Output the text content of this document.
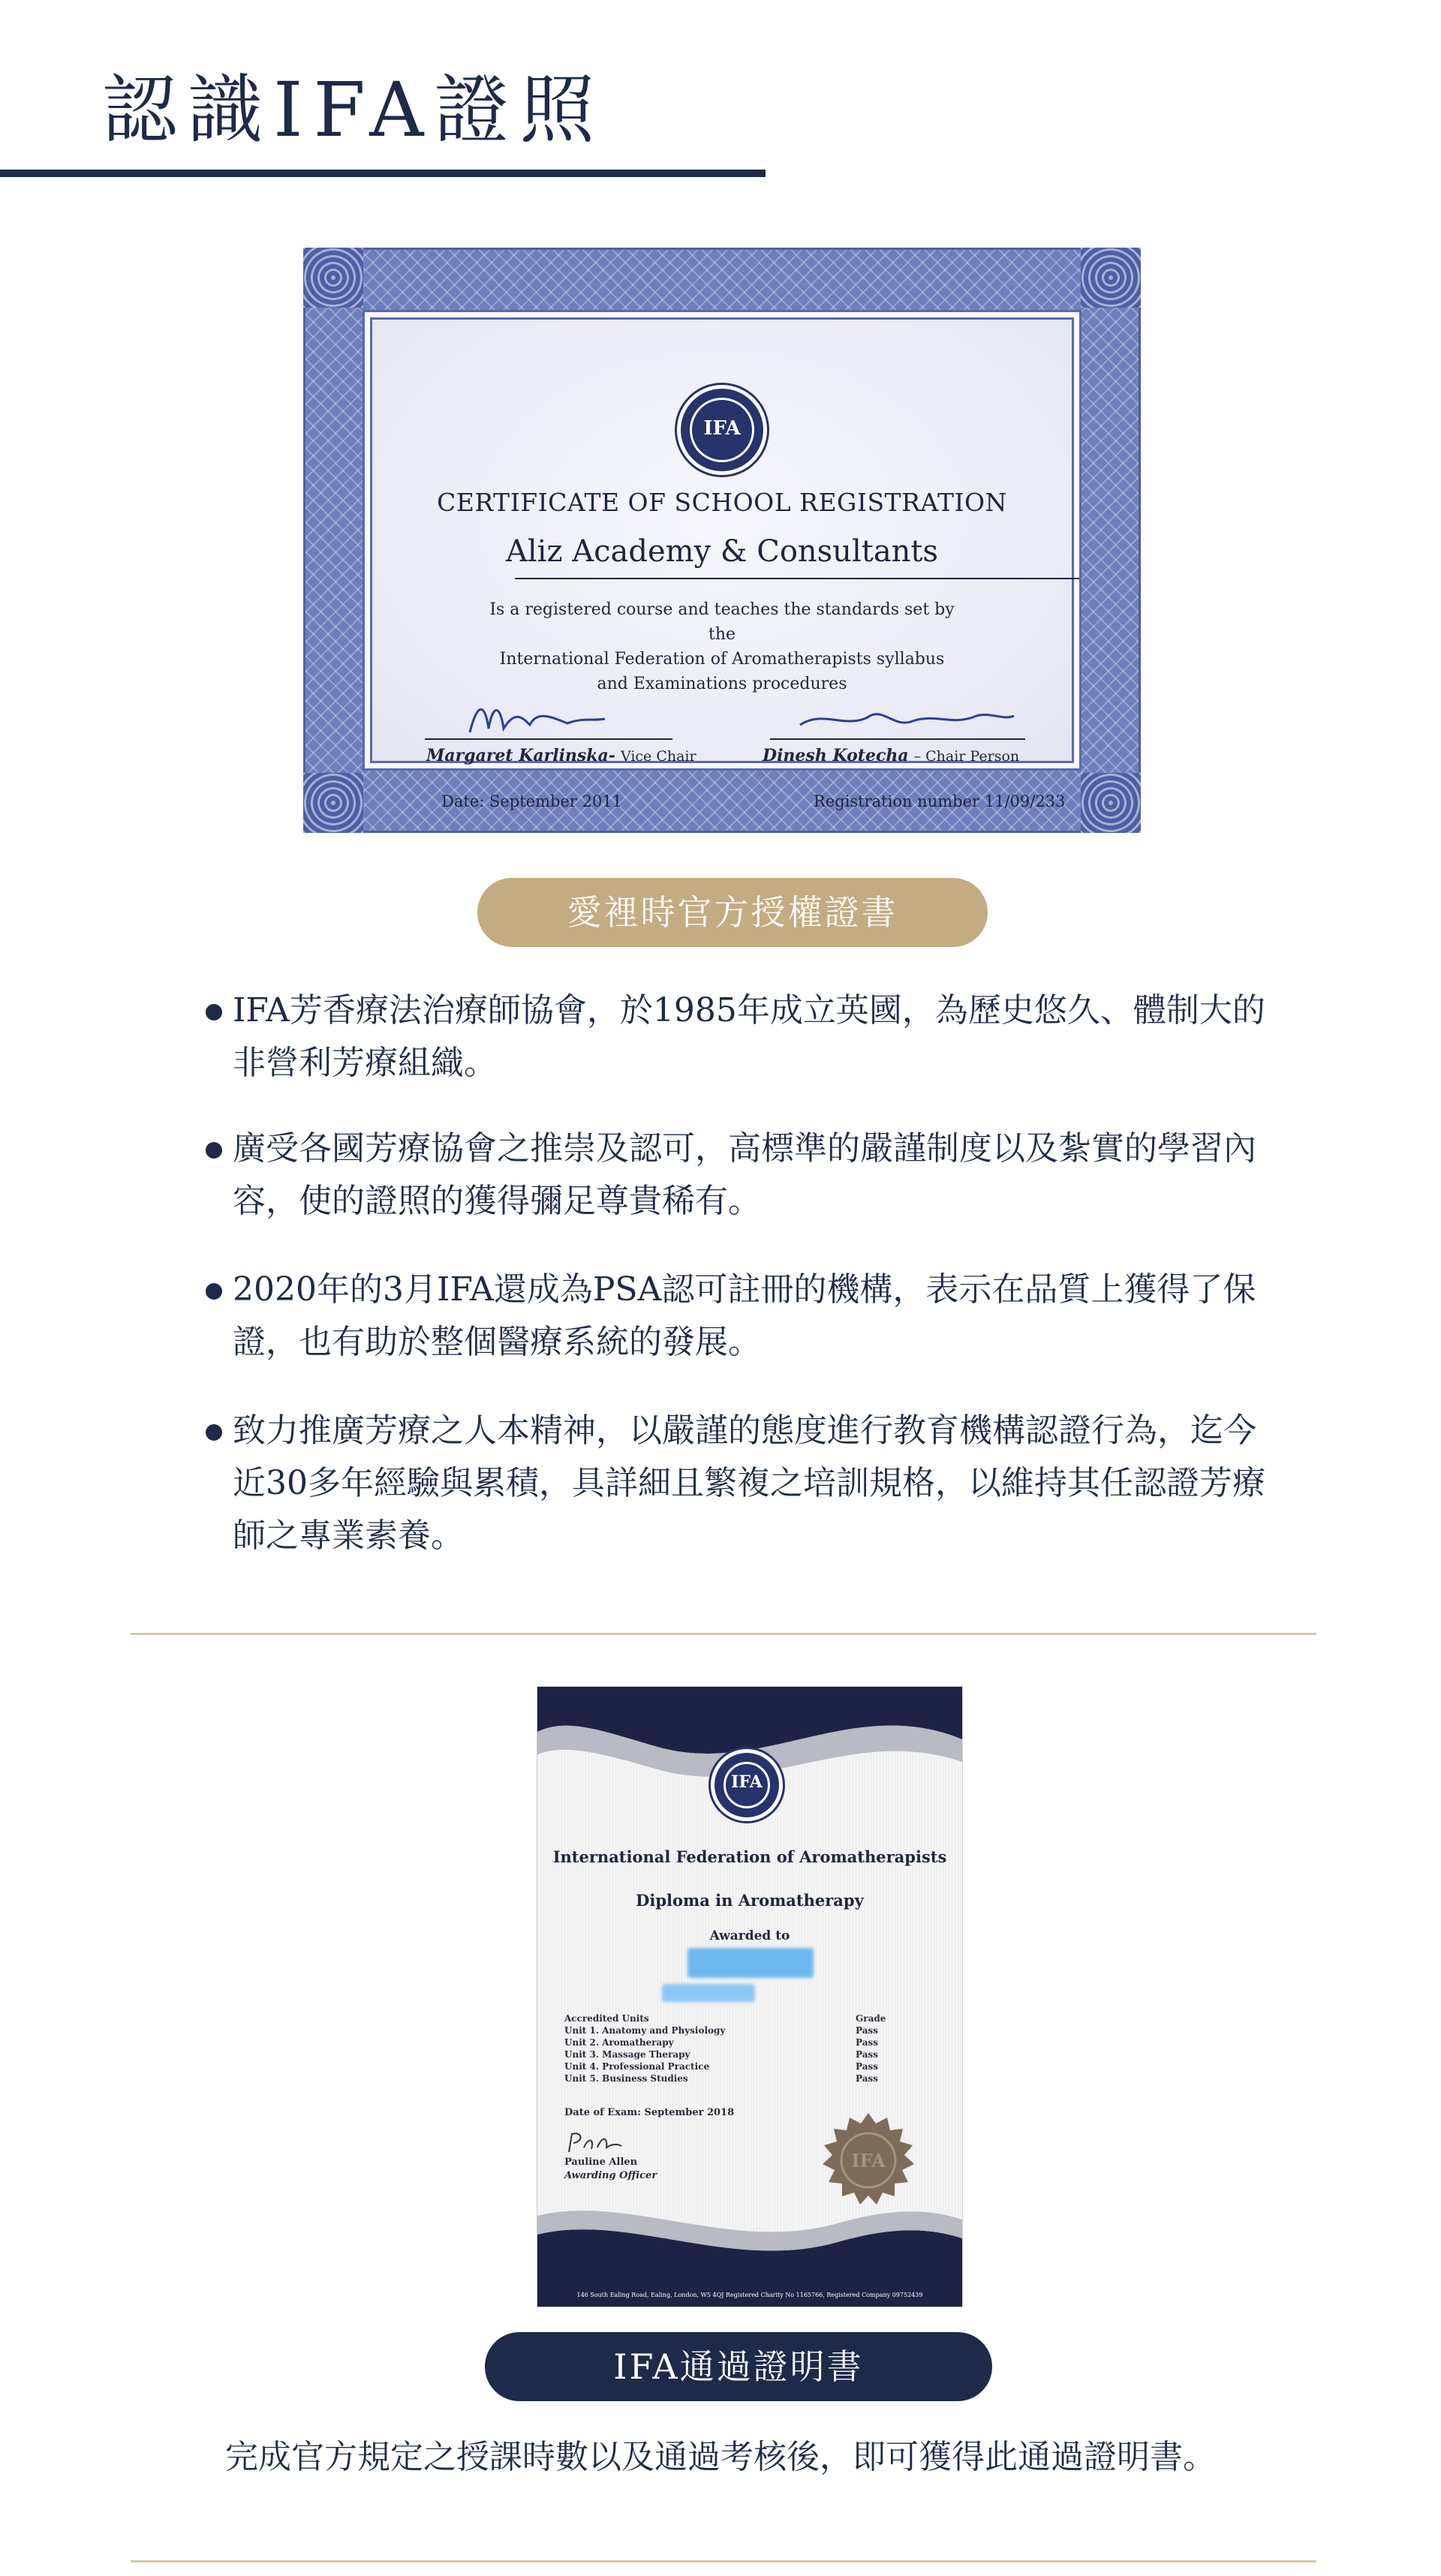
認識IFA證照
IFA
CERTIFICATE OF SCHOOL REGISTRATION
Aliz Academy & Consultants
Is a registered course and teaches the standards set by the
International Federation of Aromatherapists syllabus
and Examinations procedures
Margaret Karlinska- Vice Chair	Dinesh Kotecha – Chair Person
Date: September 2011	Registration number 11/09/233
愛裡時官方授權證書
IFA芳香療法治療師協會，於1985年成立英國，為歷史悠久、體制大的非營利芳療組織。
廣受各國芳療協會之推崇及認可，高標準的嚴謹制度以及紮實的學習內容，使的證照的獲得彌足尊貴稀有。
2020年的3月IFA還成為PSA認可註冊的機構，表示在品質上獲得了保證，也有助於整個醫療系統的發展。
致力推廣芳療之人本精神，以嚴謹的態度進行教育機構認證行為，迄今近30多年經驗與累積，具詳細且繁複之培訓規格，以維持其任認證芳療師之專業素養。
IFA
International Federation of Aromatherapists
Diploma in Aromatherapy
Awarded to
Accredited Units	Grade
Unit 1. Anatomy and Physiology	Pass
Unit 2. Aromatherapy	Pass
Unit 3. Massage Therapy	Pass
Unit 4. Professional Practice	Pass
Unit 5. Business Studies	Pass
Date of Exam: September 2018
Pauline Allen
Awarding Officer
IFA
146 South Ealing Road, Ealing, London, W5 4QJ Registered Charity No 1165766, Registered Company 09752439
IFA通過證明書
完成官方規定之授課時數以及通過考核後，即可獲得此通過證明書。
